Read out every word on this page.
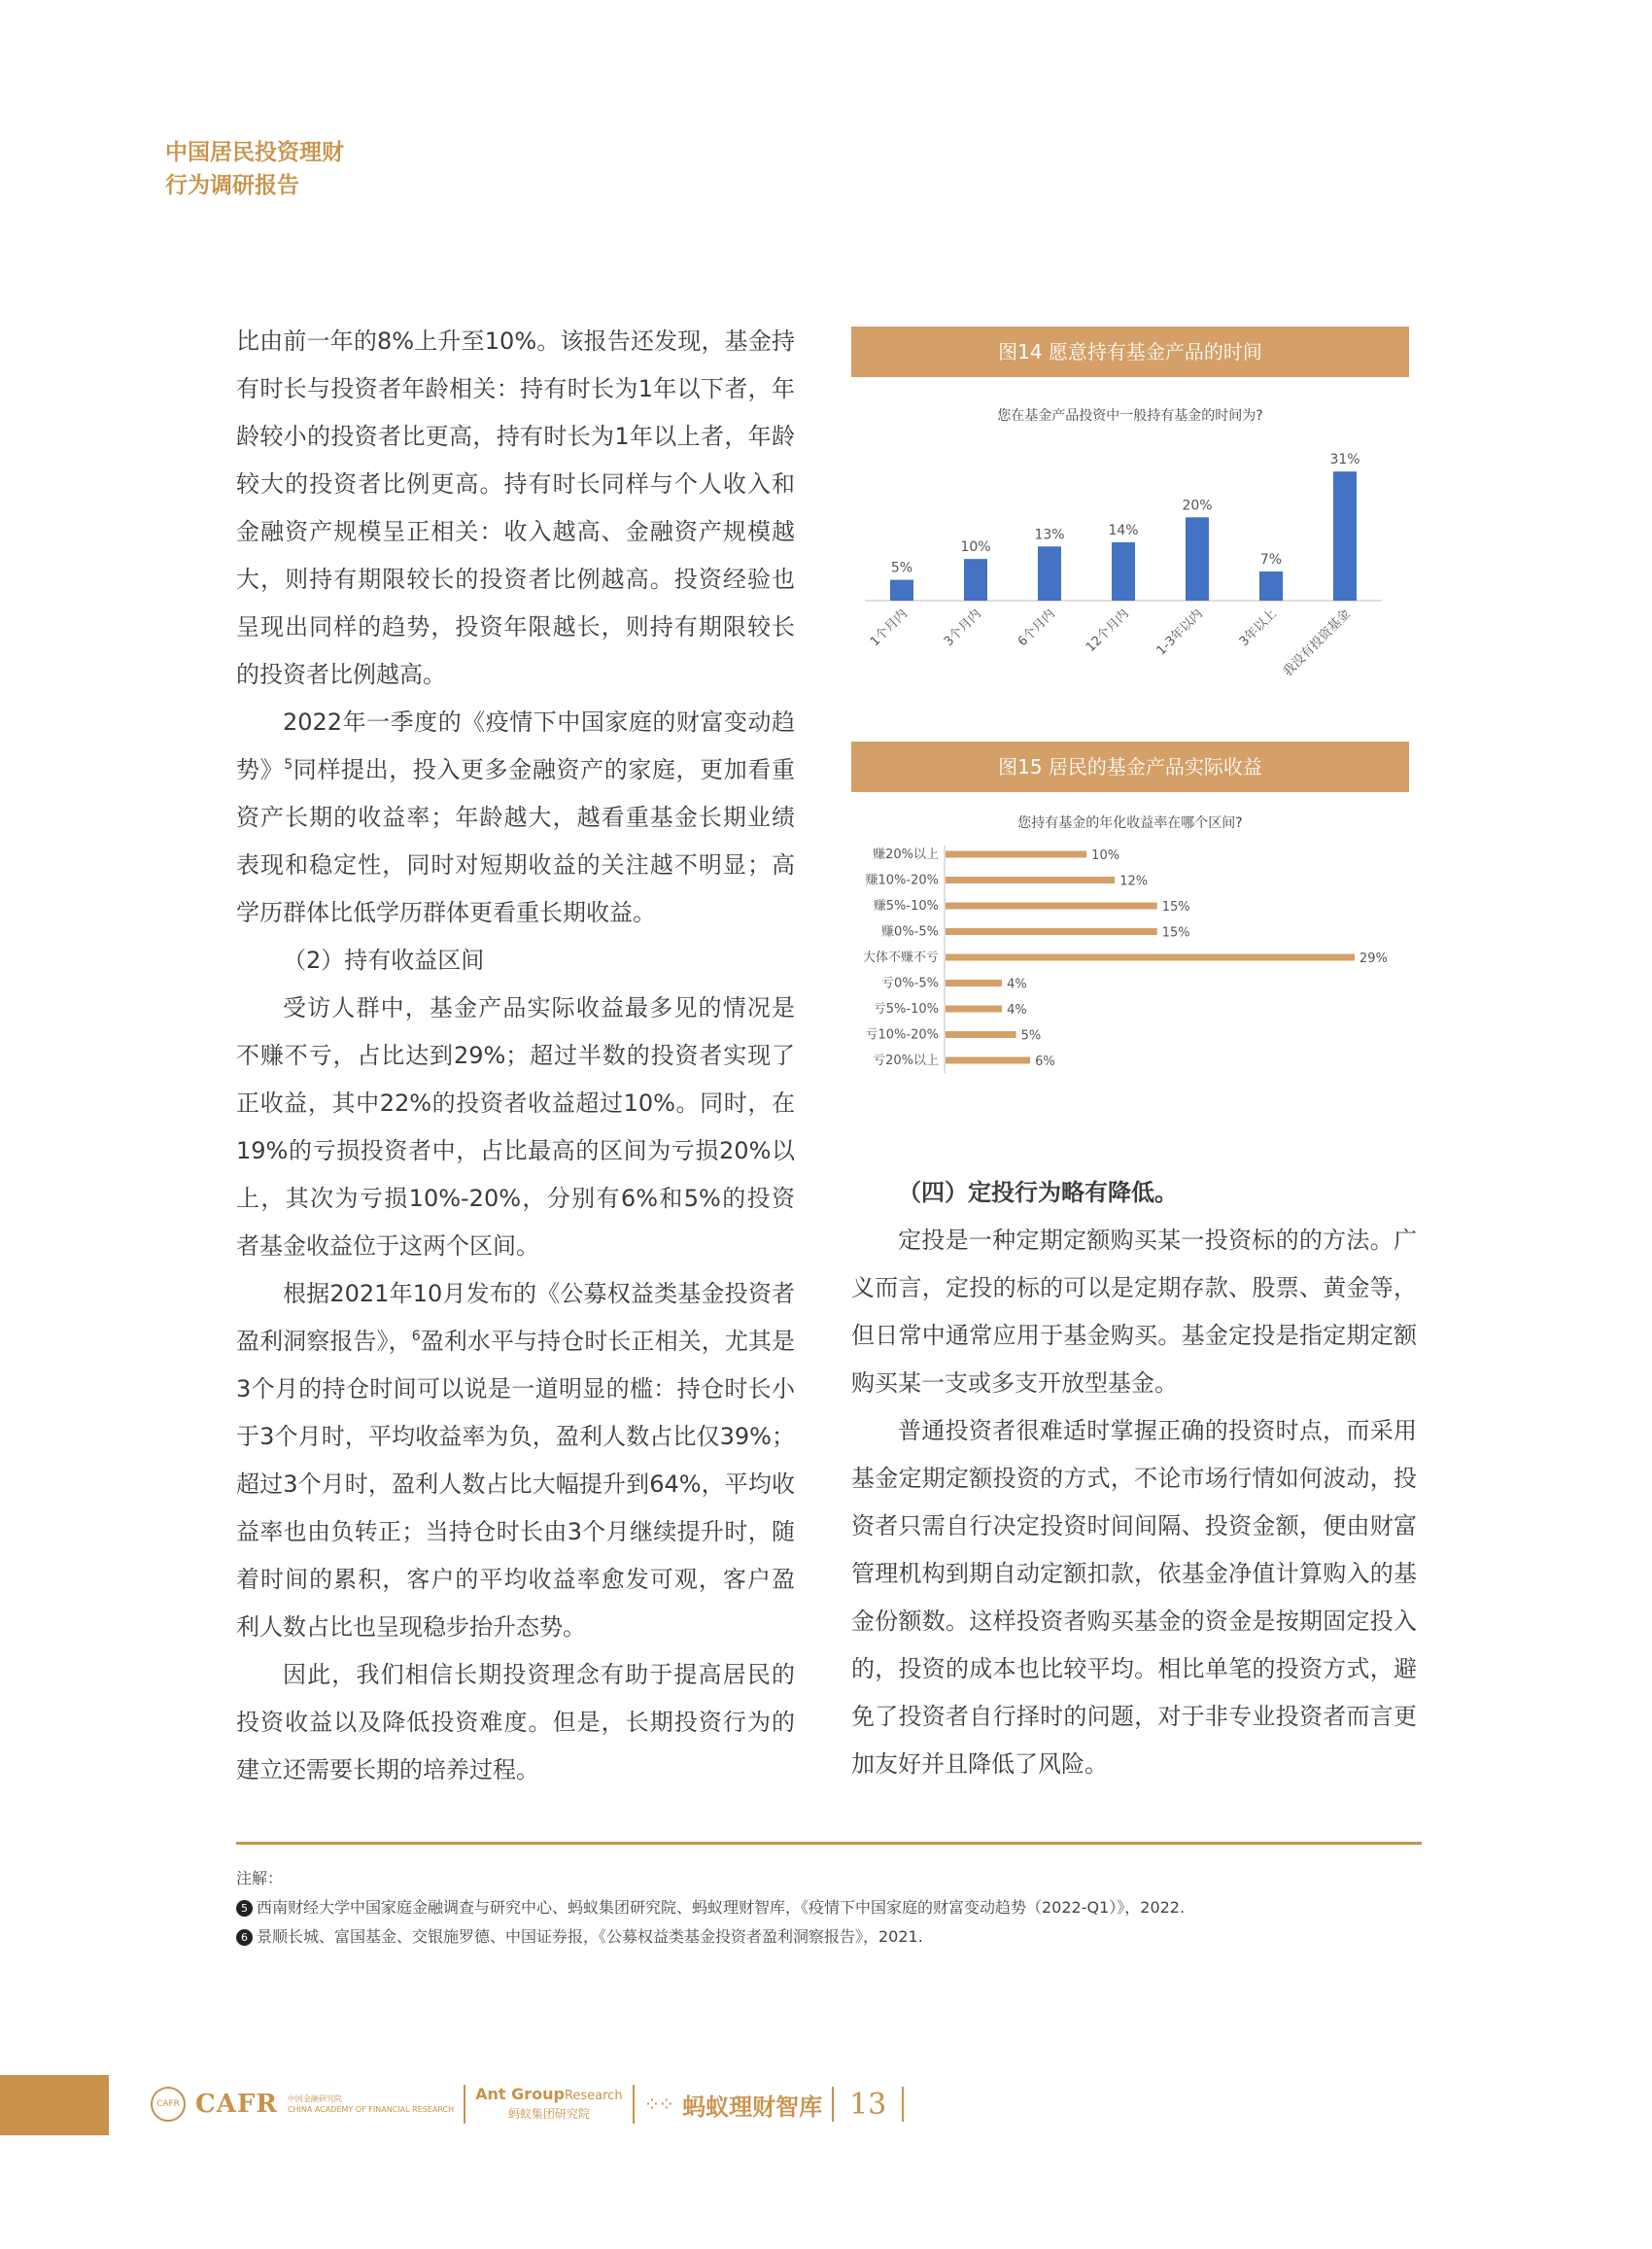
中国居民投资理财
行为调研报告

比由前一年的8%上升至10%。该报告还发现，基金持有时长与投资者年龄相关：持有时长为1年以下者，年龄较小的投资者比更高，持有时长为1年以上者，年龄较大的投资者比例更高。持有时长同样与个人收入和金融资产规模呈正相关：收入越高、金融资产规模越大，则持有期限较长的投资者比例越高。投资经验也呈现出同样的趋势，投资年限越长，则持有期限较长的投资者比例越高。

2022年一季度的《疫情下中国家庭的财富变动趋势》$^5$同样提出，投入更多金融资产的家庭，更加看重资产长期的收益率；年龄越大，越看重基金长期业绩表现和稳定性，同时对短期收益的关注越不明显；高学历群体比低学历群体更看重长期收益。

（2）持有收益区间

受访人群中，基金产品实际收益最多见的情况是不赚不亏，占比达到29%；超过半数的投资者实现了正收益，其中22%的投资者收益超过10%。同时，在19%的亏损投资者中，占比最高的区间为亏损20%以上，其次为亏损10%-20%，分别有6%和5%的投资者基金收益位于这两个区间。

根据2021年10月发布的《公募权益类基金投资者盈利洞察报告》，$^6$盈利水平与持仓时长正相关，尤其是3个月的持仓时间可以说是一道明显的槛：持仓时长小于3个月时，平均收益率为负，盈利人数占比仅39%；超过3个月时，盈利人数占比大幅提升到64%，平均收益率也由负转正；当持仓时长由3个月继续提升时，随着时间的累积，客户的平均收益率愈发可观，客户盈利人数占比也呈现稳步抬升态势。

因此，我们相信长期投资理念有助于提高居民的投资收益以及降低投资难度。但是，长期投资行为的建立还需要长期的培养过程。

图14 愿意持有基金产品的时间
您在基金产品投资中一般持有基金的时间为?
5%
1个月内
10%
3个月内
13%
6个月内
14%
12个月内
20%
1-3年以内
7%
3年以上
31%
我没有投资基金
图15 居民的基金产品实际收益
您持有基金的年化收益率在哪个区间?
赚20%以上	10%
赚10%-20%	12%
赚5%-10%	15%
赚0%-5%	15%
大体不赚不亏	29%
亏0%-5%	4%
亏5%-10%	4%
亏10%-20%	5%
亏20%以上	6%

（四）定投行为略有降低。

定投是一种定期定额购买某一投资标的的方法。广义而言，定投的标的可以是定期存款、股票、黄金等，但日常中通常应用于基金购买。基金定投是指定期定额购买某一支或多支开放型基金。

普通投资者很难适时掌握正确的投资时点，而采用基金定期定额投资的方式，不论市场行情如何波动，投资者只需自行决定投资时间间隔、投资金额，便由财富管理机构到期自动定额扣款，依基金净值计算购入的基金份额数。这样投资者购买基金的资金是按期固定投入的，投资的成本也比较平均。相比单笔的投资方式，避免了投资者自行择时的问题，对于非专业投资者而言更加友好并且降低了风险。

注解：
5 西南财经大学中国家庭金融调查与研究中心、蚂蚁集团研究院、蚂蚁理财智库，《疫情下中国家庭的财富变动趋势（2022-Q1）》，2022.
6 景顺长城、富国基金、交银施罗德、中国证券报，《公募权益类基金投资者盈利洞察报告》，2021.
CAFR CAFR 中国金融研究院
CHINA ACADEMY OF FINANCIAL RESEARCH
Ant GroupResearch
蚂蚁集团研究院	⁘⁘ 蚂蚁理财智库 13
